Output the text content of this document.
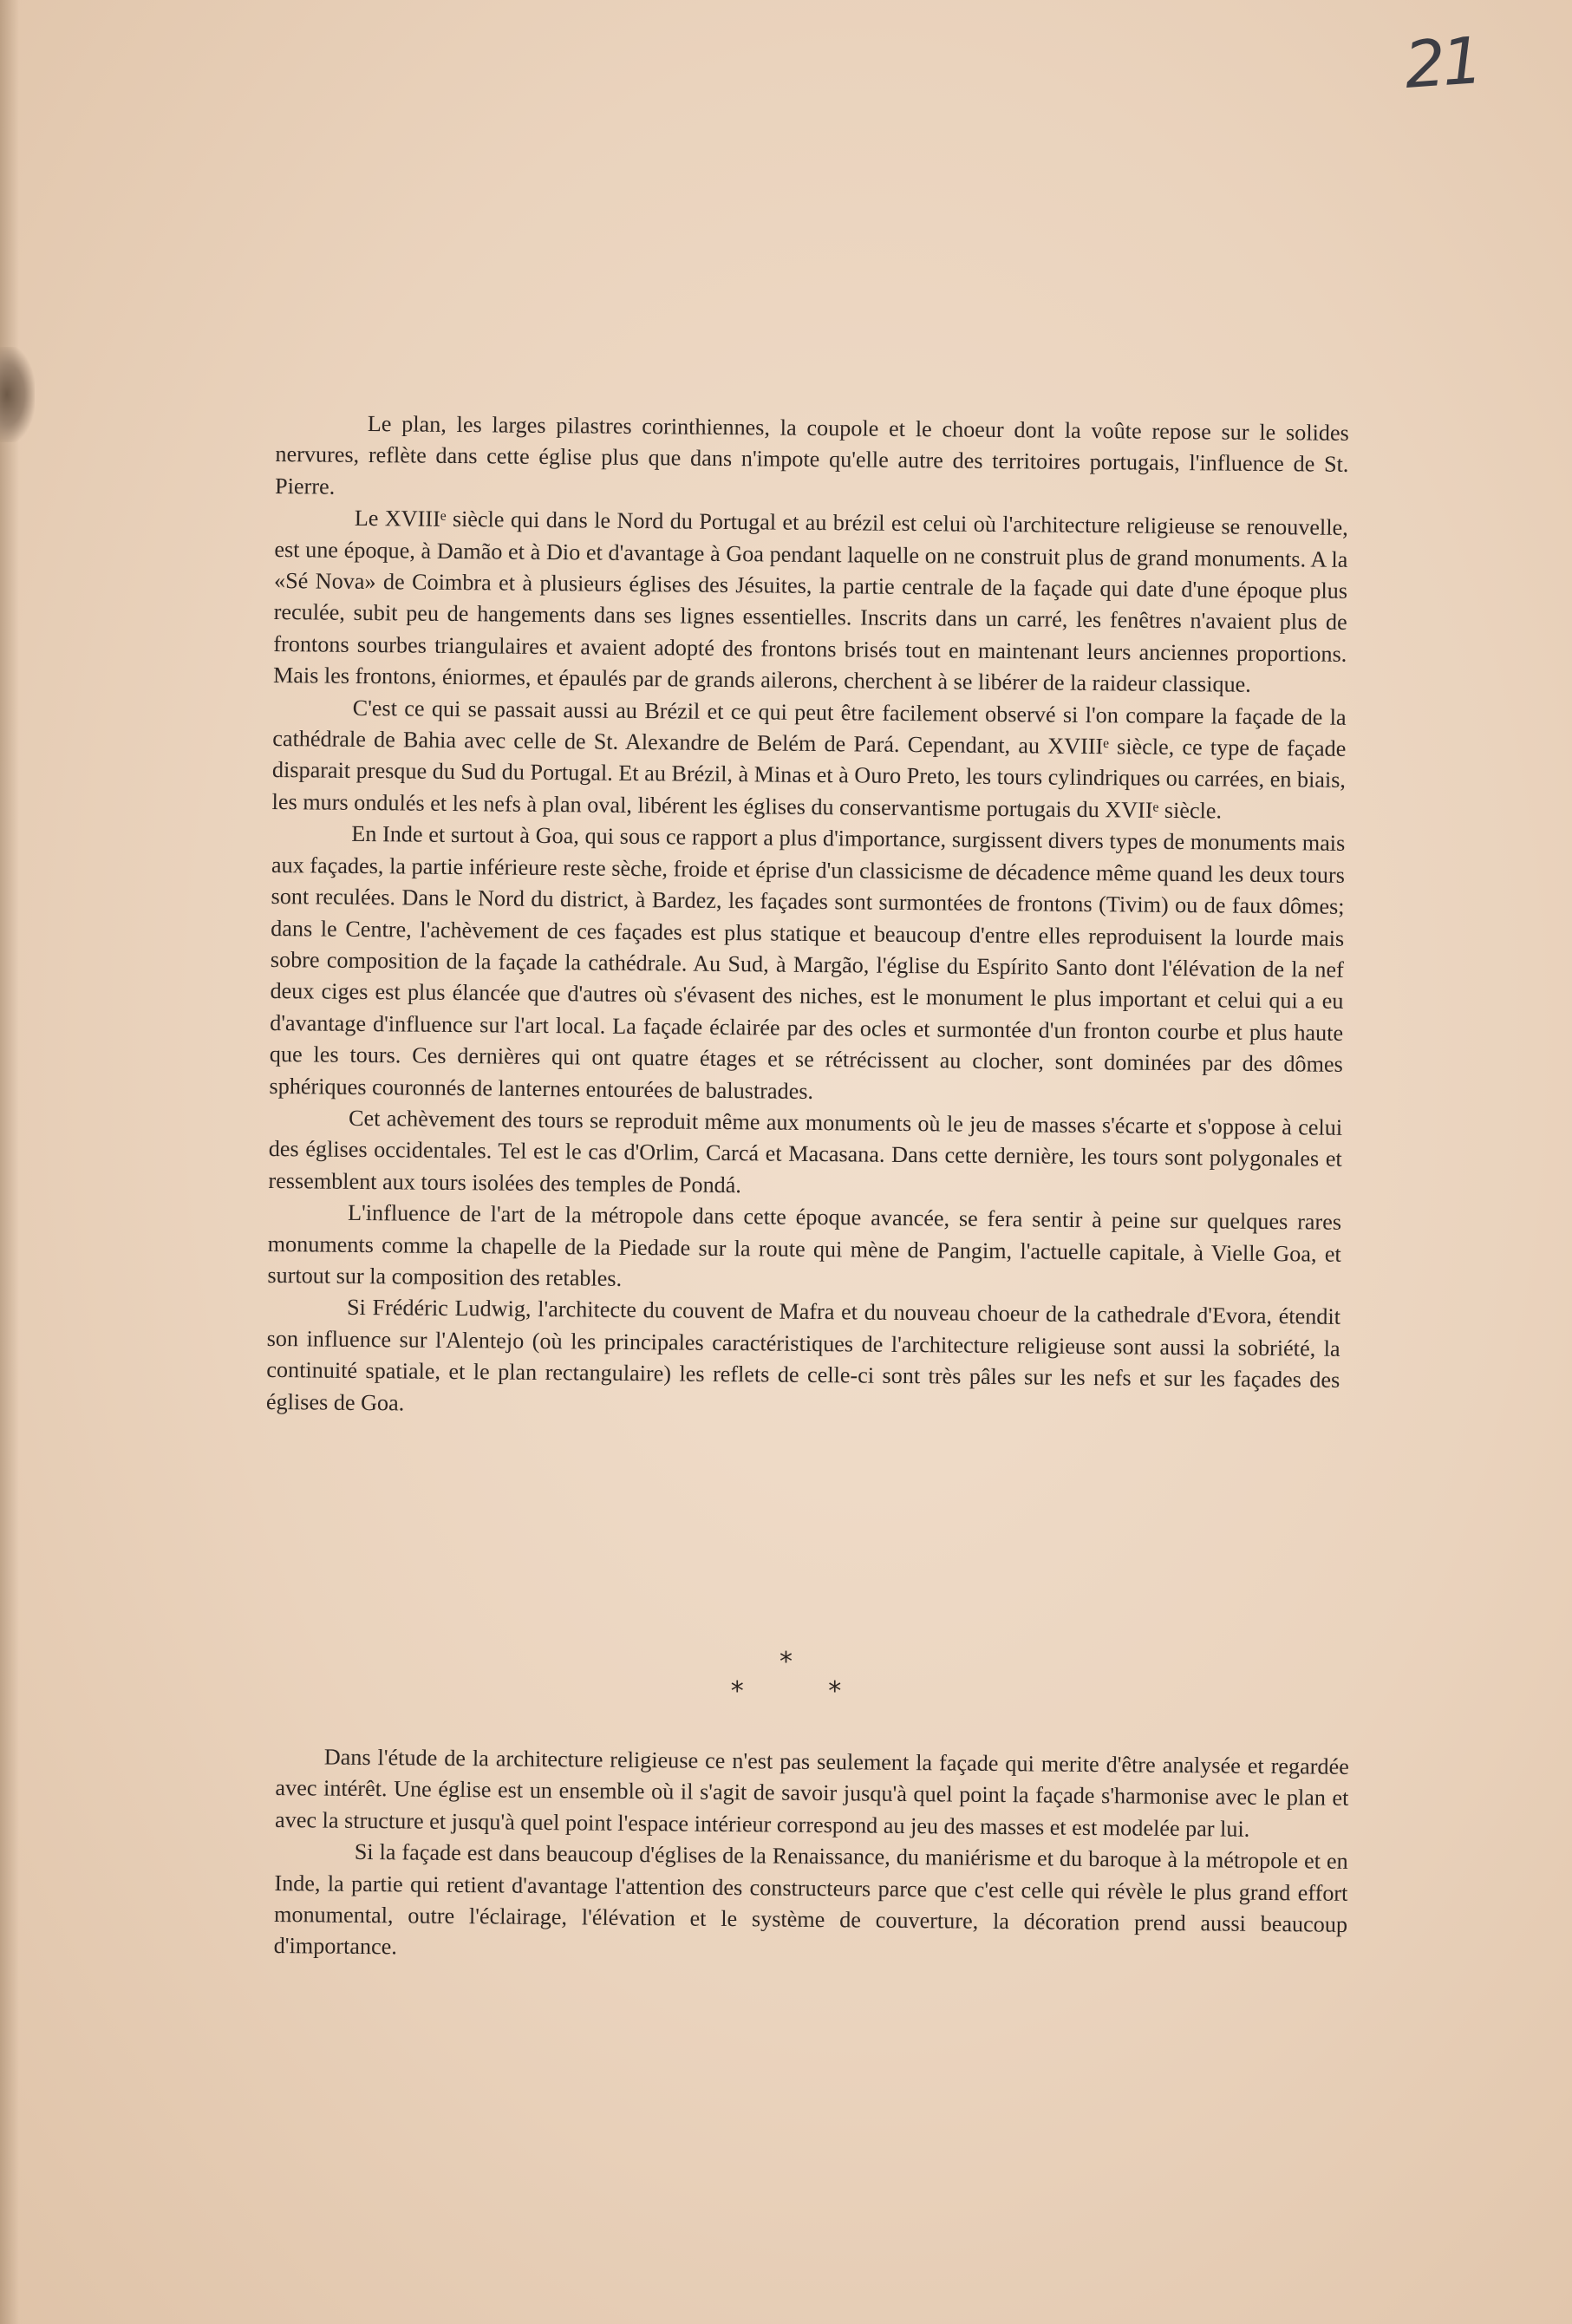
21

Le plan, les larges pilastres corinthiennes, la coupole et le choeur dont la voûte repose sur le solides nervures, reflète dans cette église plus que dans n'impote qu'elle autre des territoires portugais, l'influence de St. Pierre.

Le XVIIIᵉ siècle qui dans le Nord du Portugal et au brézil est celui où l'architecture religieuse se renouvelle, est une époque, à Damão et à Dio et d'avantage à Goa pendant laquelle on ne construit plus de grand monuments. A la «Sé Nova» de Coimbra et à plusieurs églises des Jésuites, la partie centrale de la façade qui date d'une époque plus reculée, subit peu de hangements dans ses lignes essentielles. Inscrits dans un carré, les fenêtres n'avaient plus de frontons sourbes triangulaires et avaient adopté des frontons brisés tout en maintenant leurs anciennes proportions. Mais les frontons, éniormes, et épaulés par de grands ailerons, cherchent à se libérer de la raideur classique.

C'est ce qui se passait aussi au Brézil et ce qui peut être facilement observé si l'on compare la façade de la cathédrale de Bahia avec celle de St. Alexandre de Belém de Pará. Cependant, au XVIIIᵉ siècle, ce type de façade disparait presque du Sud du Portugal. Et au Brézil, à Minas et à Ouro Preto, les tours cylindriques ou carrées, en biais, les murs ondulés et les nefs à plan oval, libérent les églises du conservantisme portugais du XVIIᵉ siècle.

En Inde et surtout à Goa, qui sous ce rapport a plus d'importance, surgissent divers types de monuments mais aux façades, la partie inférieure reste sèche, froide et éprise d'un classicisme de décadence même quand les deux tours sont reculées. Dans le Nord du district, à Bardez, les façades sont surmontées de frontons (Tivim) ou de faux dômes; dans le Centre, l'achèvement de ces façades est plus statique et beaucoup d'entre elles reproduisent la lourde mais sobre composition de la façade la cathédrale. Au Sud, à Margão, l'église du Espírito Santo dont l'élévation de la nef deux ciges est plus élancée que d'autres où s'évasent des niches, est le monument le plus important et celui qui a eu d'avantage d'influence sur l'art local. La façade éclairée par des ocles et surmontée d'un fronton courbe et plus haute que les tours. Ces dernières qui ont quatre étages et se rétrécissent au clocher, sont dominées par des dômes sphériques couronnés de lanternes entourées de balustrades.

Cet achèvement des tours se reproduit même aux monuments où le jeu de masses s'écarte et s'oppose à celui des églises occidentales. Tel est le cas d'Orlim, Carcá et Macasana. Dans cette dernière, les tours sont polygonales et ressemblent aux tours isolées des temples de Pondá.

L'influence de l'art de la métropole dans cette époque avancée, se fera sentir à peine sur quelques rares monuments comme la chapelle de la Piedade sur la route qui mène de Pangim, l'actuelle capitale, à Vielle Goa, et surtout sur la composition des retables.

Si Frédéric Ludwig, l'architecte du couvent de Mafra et du nouveau choeur de la cathedrale d'Evora, étendit son influence sur l'Alentejo (où les principales caractéristiques de l'architecture religieuse sont aussi la sobriété, la continuité spatiale, et le plan rectangulaire) les reflets de celle-ci sont très pâles sur les nefs et sur les façades des églises de Goa.

*
* *

Dans l'étude de la architecture religieuse ce n'est pas seulement la façade qui merite d'être analysée et regardée avec intérêt. Une église est un ensemble où il s'agit de savoir jusqu'à quel point la façade s'harmonise avec le plan et avec la structure et jusqu'à quel point l'espace intérieur correspond au jeu des masses et est modelée par lui.

Si la façade est dans beaucoup d'églises de la Renaissance, du maniérisme et du baroque à la métropole et en Inde, la partie qui retient d'avantage l'attention des constructeurs parce que c'est celle qui révèle le plus grand effort monumental, outre l'éclairage, l'élévation et le système de couverture, la décoration prend aussi beaucoup d'importance.
